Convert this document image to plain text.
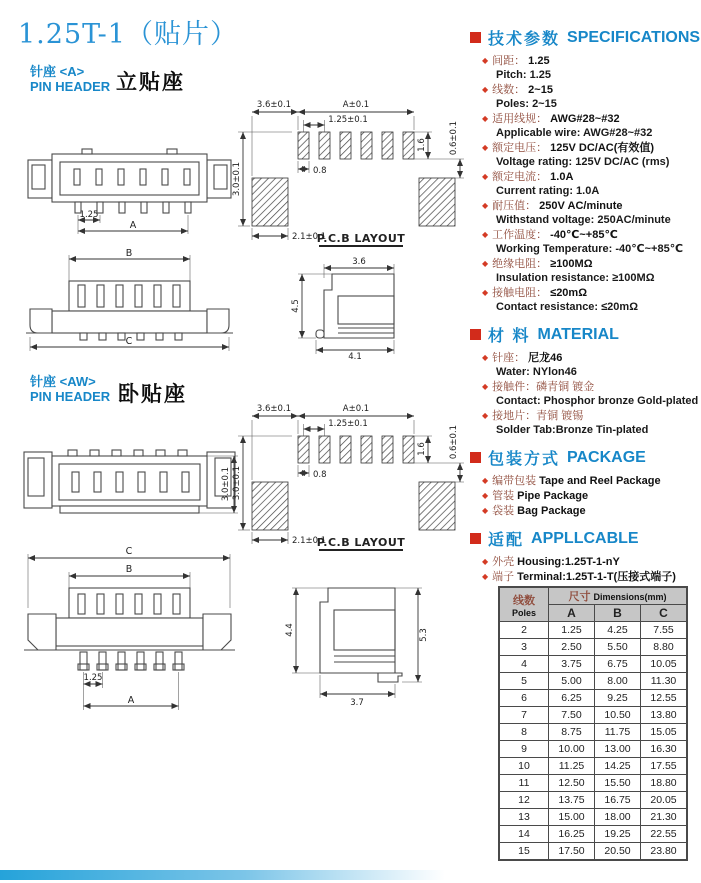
1.25T-1（贴片）
针座 <A>
PIN HEADER 立贴座
1.25
A
3.6±0.1	A±0.1
1.25±0.1
0.8
1.6	0.6±0.1
3.0±0.1
2.1±0.1
P.C.B LAYOUT
B
C
3.6
4.5
4.1
针座 <AW>
PIN HEADER 卧贴座
3.0±0.1
3.6±0.1	A±0.1
1.25±0.1
0.8
1.6	0.6±0.1
3.0±0.1
2.1±0.1
P.C.B LAYOUT
C
B
1.25
A
4.4	5.3
3.7
技术参数 SPECIFICATIONS
◆ 间距： 1.25
Pitch: 1.25
◆ 线数： 2~15
Poles: 2~15
◆ 适用线规： AWG#28~#32
Applicable wire: AWG#28~#32
◆ 额定电压： 125V DC/AC(有效值)
Voltage rating: 125V DC/AC (rms)
◆ 额定电流： 1.0A
Current rating: 1.0A
◆ 耐压值： 250V AC/minute
Withstand voltage: 250AC/minute
◆ 工作温度： -40℃~+85℃
Working Temperature: -40℃~+85℃
◆ 绝缘电阻： ≥100MΩ
Insulation resistance: ≥100MΩ
◆ 接触电阻： ≤20mΩ
Contact resistance: ≤20mΩ
材 料 MATERIAL
◆ 针座： 尼龙46
Water: NYlon46
◆ 接触件：磷青铜 镀金
Contact: Phosphor bronze Gold-plated
◆ 接地片：青铜 镀锡
Solder Tab:Bronze Tin-plated
包装方式 PACKAGE
◆ 编带包装 Tape and Reel Package
◆ 管装 Pipe Package
◆ 袋装 Bag Package
适配 APPLLCABLE
◆ 外壳 Housing:1.25T-1-nY
◆ 端子 Terminal:1.25T-1-T(压接式端子)
线数
Poles	尺寸 Dimensions(mm)		
	A	B	C
2	1.25	4.25	7.55
3	2.50	5.50	8.80
4	3.75	6.75	10.05
5	5.00	8.00	11.30
6	6.25	9.25	12.55
7	7.50	10.50	13.80
8	8.75	11.75	15.05
9	10.00	13.00	16.30
10	11.25	14.25	17.55
11	12.50	15.50	18.80
12	13.75	16.75	20.05
13	15.00	18.00	21.30
14	16.25	19.25	22.55
15	17.50	20.50	23.80
